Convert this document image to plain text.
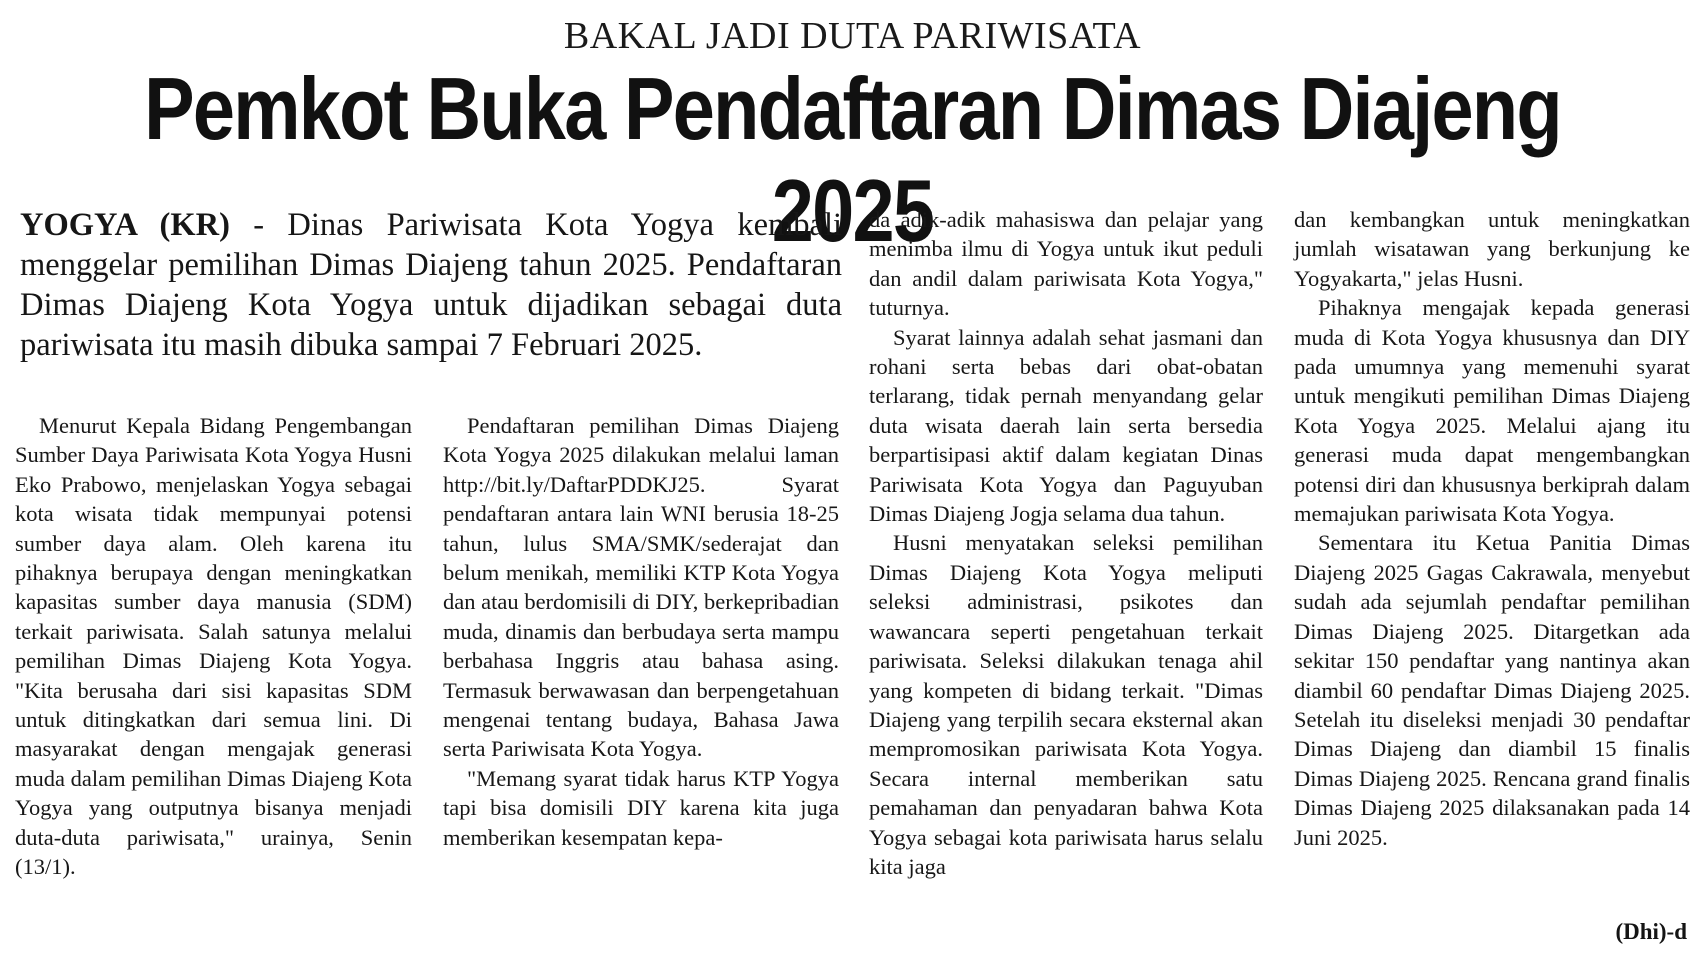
BAKAL JADI DUTA PARIWISATA
Pemkot Buka Pendaftaran Dimas Diajeng 2025
YOGYA (KR) - Dinas Pariwisata Kota Yogya kembali menggelar pemilihan Dimas Diajeng tahun 2025. Pendaftaran Dimas Diajeng Kota Yogya untuk dijadikan sebagai duta pariwisata itu masih dibuka sampai 7 Februari 2025.

Menurut Kepala Bidang Pengembangan Sumber Daya Pariwisata Kota Yogya Husni Eko Prabowo, menjelaskan Yogya sebagai kota wisata tidak mempunyai potensi sumber daya alam. Oleh karena itu pihaknya berupaya dengan meningkatkan kapasitas sumber daya manusia (SDM) terkait pariwisata. Salah satunya melalui pemilihan Dimas Diajeng Kota Yogya. "Kita berusaha dari sisi kapasitas SDM untuk ditingkatkan dari semua lini. Di masyarakat dengan mengajak generasi muda dalam pemilihan Dimas Diajeng Kota Yogya yang outputnya bisanya menjadi duta-duta pariwisata," urainya, Senin (13/1).

Pendaftaran pemilihan Dimas Diajeng Kota Yogya 2025 dilakukan melalui laman http://bit.ly/DaftarPDDKJ25. Syarat pendaftaran antara lain WNI berusia 18-25 tahun, lulus SMA/SMK/sederajat dan belum menikah, memiliki KTP Kota Yogya dan atau berdomisili di DIY, berkepribadian muda, dinamis dan berbudaya serta mampu berbahasa Inggris atau bahasa asing. Termasuk berwawasan dan berpengetahuan mengenai tentang budaya, Bahasa Jawa serta Pariwisata Kota Yogya.

"Memang syarat tidak harus KTP Yogya tapi bisa domisili DIY karena kita juga memberikan kesempatan kepa-

da adik-adik mahasiswa dan pelajar yang menimba ilmu di Yogya untuk ikut peduli dan andil dalam pariwisata Kota Yogya," tuturnya.

Syarat lainnya adalah sehat jasmani dan rohani serta bebas dari obat-obatan terlarang, tidak pernah menyandang gelar duta wisata daerah lain serta bersedia berpartisipasi aktif dalam kegiatan Dinas Pariwisata Kota Yogya dan Paguyuban Dimas Diajeng Jogja selama dua tahun.

Husni menyatakan seleksi pemilihan Dimas Diajeng Kota Yogya meliputi seleksi administrasi, psikotes dan wawancara seperti pengetahuan terkait pariwisata. Seleksi dilakukan tenaga ahil yang kompeten di bidang terkait. "Dimas Diajeng yang terpilih secara eksternal akan mempromosikan pariwisata Kota Yogya. Secara internal memberikan satu pemahaman dan penyadaran bahwa Kota Yogya sebagai kota pariwisata harus selalu kita jaga

dan kembangkan untuk meningkatkan jumlah wisatawan yang berkunjung ke Yogyakarta," jelas Husni.

Pihaknya mengajak kepada generasi muda di Kota Yogya khususnya dan DIY pada umumnya yang memenuhi syarat untuk mengikuti pemilihan Dimas Diajeng Kota Yogya 2025. Melalui ajang itu generasi muda dapat mengembangkan potensi diri dan khususnya berkiprah dalam memajukan pariwisata Kota Yogya.

Sementara itu Ketua Panitia Dimas Diajeng 2025 Gagas Cakrawala, menyebut sudah ada sejumlah pendaftar pemilihan Dimas Diajeng 2025. Ditargetkan ada sekitar 150 pendaftar yang nantinya akan diambil 60 pendaftar Dimas Diajeng 2025. Setelah itu diseleksi menjadi 30 pendaftar Dimas Diajeng dan diambil 15 finalis Dimas Diajeng 2025. Rencana grand finalis Dimas Diajeng 2025 dilaksanakan pada 14 Juni 2025.

(Dhi)-d
